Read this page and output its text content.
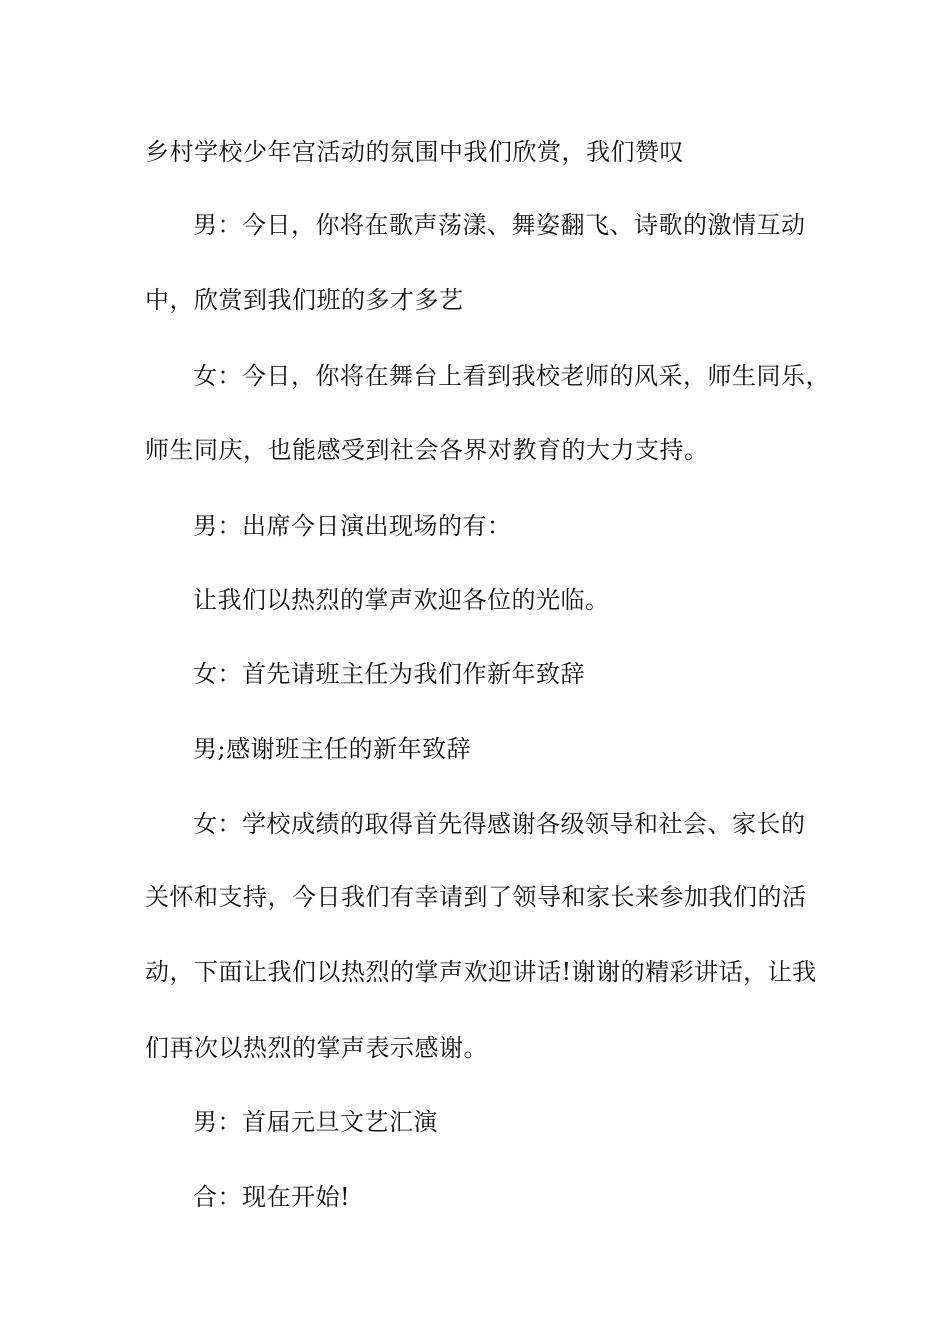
乡村学校少年宫活动的氛围中我们欣赏，我们赞叹
男：今日，你将在歌声荡漾、舞姿翻飞、诗歌的激情互动
中，欣赏到我们班的多才多艺
女：今日，你将在舞台上看到我校老师的风采，师生同乐，
师生同庆，也能感受到社会各界对教育的大力支持。
男：出席今日演出现场的有：
让我们以热烈的掌声欢迎各位的光临。
女：首先请班主任为我们作新年致辞
男;感谢班主任的新年致辞
女：学校成绩的取得首先得感谢各级领导和社会、家长的
关怀和支持，今日我们有幸请到了领导和家长来参加我们的活
动，下面让我们以热烈的掌声欢迎讲话!谢谢的精彩讲话，让我
们再次以热烈的掌声表示感谢。
男：首届元旦文艺汇演
合：现在开始!
